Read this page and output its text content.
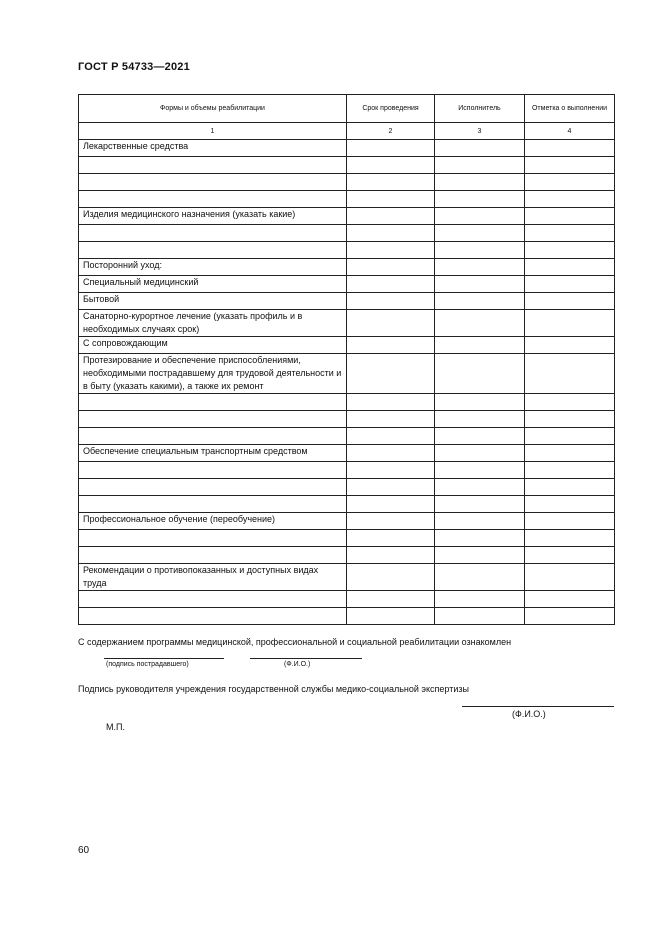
ГОСТ Р 54733—2021
Формы и объемы реабилитации	Срок проведения	Исполнитель	Отметка о выполнении
1	2	3	4
Лекарственные средства			

Изделия медицинского назначения (указать какие)			

Посторонний уход:			
Специальный медицинский			
Бытовой			
Санаторно-курортное лечение (указать профиль и в необходимых случаях срок)			
С сопровождающим			
Протезирование и обеспечение приспособлениями, необходимыми пострадавшему для трудовой деятельности и в быту (указать какими), а также их ремонт			

Обеспечение специальным транспортным средством			

Профессиональное обучение (переобучение)			

Рекомендации о противопоказанных и доступных видах труда			

С содержанием программы медицинской, профессиональной и социальной реабилитации ознакомлен
(подпись пострадавшего)	(Ф.И.О.)
Подпись руководителя учреждения государственной службы медико-социальной экспертизы
(Ф.И.О.)
М.П.
60
